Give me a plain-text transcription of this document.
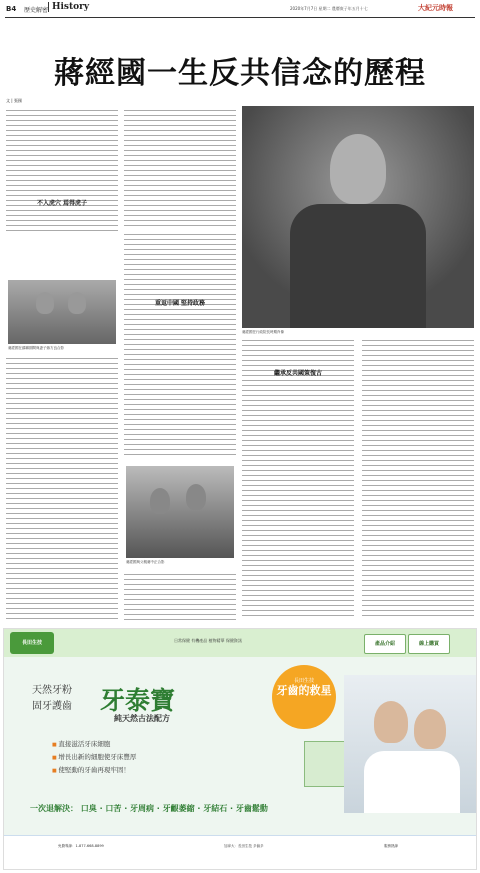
B4 歷史解密 History	2020年7月7日 星期二 農曆庚子年五月十七	大紀元時報
蔣經國一生反共信念的歷程
文 | 張國
不入虎穴 焉得虎子
蔣經國在蘇聯期間與妻子蔣方良合影
重返中國 堅持政務
蔣經國與父親蔣中正合影
蔣經國任行政院長時期肖像
繼承反共國策復古
長田生技	日常保健 有機產品 植物精華 保健資訊
產品介紹	線上購買
天然牙粉
固牙護齒 牙泰寶
純天然古法配方
■ 直接滋活牙床細胞
■ 增長出新的細胞使牙床豐厚
■ 使堅動的牙齒再現牢固！
長田生技
牙齒的救星
一次退解決： 口臭 · 口苦 · 牙周病 · 牙齦萎縮 · 牙結石 · 牙齒鬆動
免費專線：1-877-668-8899	加拿大：長田生技 多倫多	服務熱線
